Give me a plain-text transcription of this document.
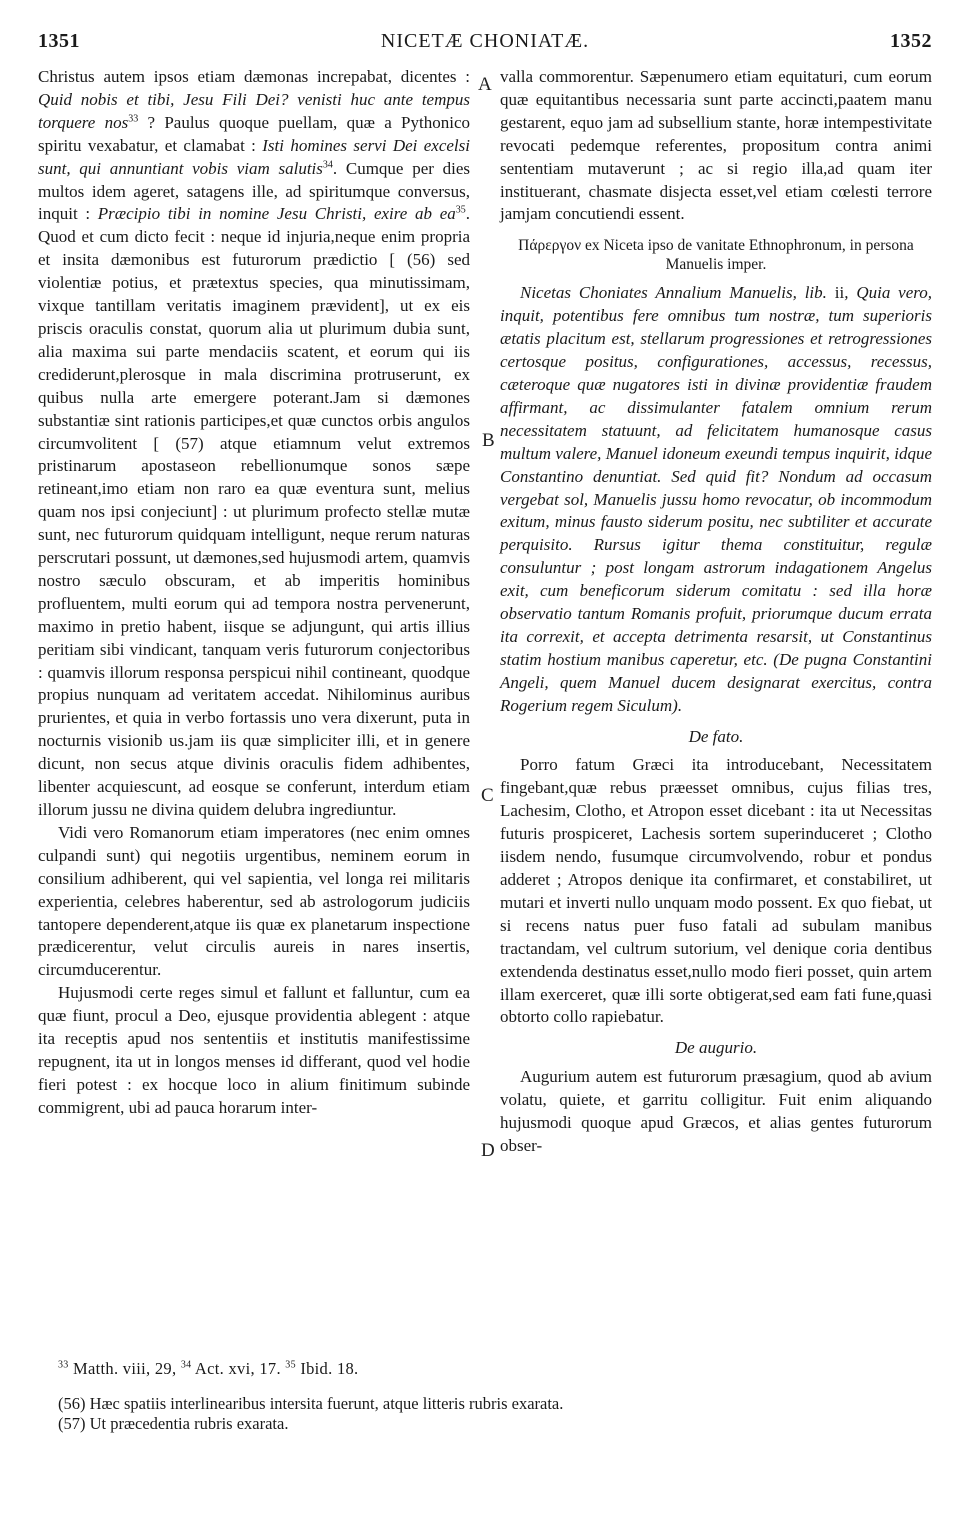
1351	NICETÆ CHONIATÆ.	1352

Christus autem ipsos etiam dæmonas increpabat, dicentes : Quid nobis et tibi, Jesu Fili Dei? venisti huc ante tempus torquere nos$^{33}$ ? Paulus quoque puellam, quæ a Pythonico spiritu vexabatur, et clamabat : Isti homines servi Dei excelsi sunt, qui annuntiant vobis viam salutis$^{34}$. Cumque per dies multos idem ageret, satagens ille, ad spiritumque conversus, inquit : Præcipio tibi in nomine Jesu Christi, exire ab $ea^{35}$. Quod et cum dicto fecit : neque id injuria,neque enim propria et insita dæmonibus est futurorum prædictio [ (56) sed violentiæ potius, et prætextus species, qua minutissimam, vixque tantillam veritatis imaginem prævident], ut ex eis priscis oraculis constat, quorum alia ut plurimum dubia sunt, alia maxima sui parte mendaciis scatent, et eorum qui iis crediderunt,plerosque in mala discrimina protruserunt, ex quibus nulla arte emergere poterant.Jam si dæmones substantiæ sint rationis participes,et quæ cunctos orbis angulos circumvolitent [ (57) atque etiamnum velut extremos pristinarum apostaseon rebellionumque sonos sæpe retineant,imo etiam non raro ea quæ eventura sunt, melius quam nos ipsi conjeciunt] : ut plurimum profecto stellæ mutæ sunt, nec futurorum quidquam intelligunt, neque rerum naturas perscrutari possunt, ut dæmones,sed hujusmodi artem, quamvis nostro sæculo obscuram, et ab imperitis hominibus profluentem, multi eorum qui ad tempora nostra pervenerunt, maximo in pretio habent, iisque se adjungunt, qui artis illius peritiam sibi vindicant, tanquam veris futurorum conjectoribus : quamvis illorum responsa perspicui nihil contineant, quodque propius nunquam ad veritatem accedat. Nihilominus auribus prurientes, et quia in verbo fortassis uno vera dixerunt, puta in nocturnis visionib us.jam iis quæ simpliciter illi, et in genere dicunt, non secus atque divinis oraculis fidem adhibentes, libenter acquiescunt, ad eosque se conferunt, interdum etiam illorum jussu ne divina quidem delubra ingrediuntur.

Vidi vero Romanorum etiam imperatores (nec enim omnes culpandi sunt) qui negotiis urgentibus, neminem eorum in consilium adhiberent, qui vel sapientia, vel longa rei militaris experientia, celebres haberentur, sed ab astrologorum judiciis tantopere dependerent,atque iis quæ ex planetarum inspectione prædicerentur, velut circulis aureis in nares insertis, circumducerentur.

Hujusmodi certe reges simul et fallunt et falluntur, cum ea quæ fiunt, procul a Deo, ejusque providentia ablegent : atque ita receptis apud nos sententiis et institutis manifestissime repugnent, ita ut in longos menses id differant, quod vel hodie fieri potest : ex hocque loco in alium finitimum subinde commigrent, ubi ad pauca horarum inter-

valla commorentur. Sæpenumero etiam equitaturi, cum eorum quæ equitantibus necessaria sunt parte accincti,paatem manu gestarent, equo jam ad subsellium stante, horæ intempestivitate revocati pedemque referentes, propositum contra animi sententiam mutaverunt ; ac si regio illa,ad quam iter instituerant, chasmate disjecta esset,vel etiam cœlesti terrore jamjam concutiendi essent.

Πάρεργον ex Niceta ipso de vanitate Ethnophronum, in persona Manuelis imper.

Nicetas Choniates Annalium Manuelis, lib. ii, Quia vero, inquit, potentibus fere omnibus tum nostræ, tum superioris ætatis placitum est, stellarum progressiones et retrogressiones certosque positus, configurationes, accessus, recessus, cæteroque quæ nugatores isti in divinæ providentiæ fraudem affirmant, ac dissimulanter fatalem omnium rerum necessitatem statuunt, ad felicitatem humanosque casus multum valere, Manuel idoneum exeundi tempus inquirit, idque Constantino denuntiat. Sed quid fit? Nondum ad occasum vergebat sol, Manuelis jussu homo revocatur, ob incommodum exitum, minus fausto siderum positu, nec subtiliter et accurate perquisito. Rursus igitur thema constituitur, regulæ consuluntur ; post longam astrorum indagationem Angelus exit, cum beneficorum siderum comitatu : sed illa horæ observatio tantum Romanis profuit, priorumque ducum errata ita correxit, et accepta detrimenta resarsit, ut Constantinus statim hostium manibus caperetur, etc. (De pugna Constantini Angeli, quem Manuel ducem designarat exercitus, contra Rogerium regem Siculum).

De fato.

Porro fatum Græci ita introducebant, Necessitatem fingebant,quæ rebus præesset omnibus, cujus filias tres, Lachesim, Clotho, et Atropon esset dicebant : ita ut Necessitas futuris prospiceret, Lachesis sortem superinduceret ; Clotho iisdem nendo, fusumque circumvolvendo, robur et pondus adderet ; Atropos denique ita confirmaret, et constabiliret, ut mutari et inverti nullo unquam modo possent. Ex quo fiebat, ut si recens natus puer fuso fatali ad subulam manibus tractandam, vel cultrum sutorium, vel denique coria dentibus extendenda destinatus esset,nullo modo fieri posset, quin artem illam exerceret, quæ illi sorte obtigerat,sed eam fati fune,quasi obtorto collo rapiebatur.

De augurio.

Augurium autem est futurorum præsagium, quod ab avium volatu, quiete, et garritu colligitur. Fuit enim aliquando hujusmodi quoque apud Græcos, et alias gentes futurorum obser-

A
B
C
D
$^{33}$ Matth. viii, 29, $^{34}$ Act. xvi, 17. $^{35}$ Ibid. 18.
(56) Hæc spatiis interlinearibus intersita fuerunt, atque litteris rubris exarata.
(57) Ut præcedentia rubris exarata.
